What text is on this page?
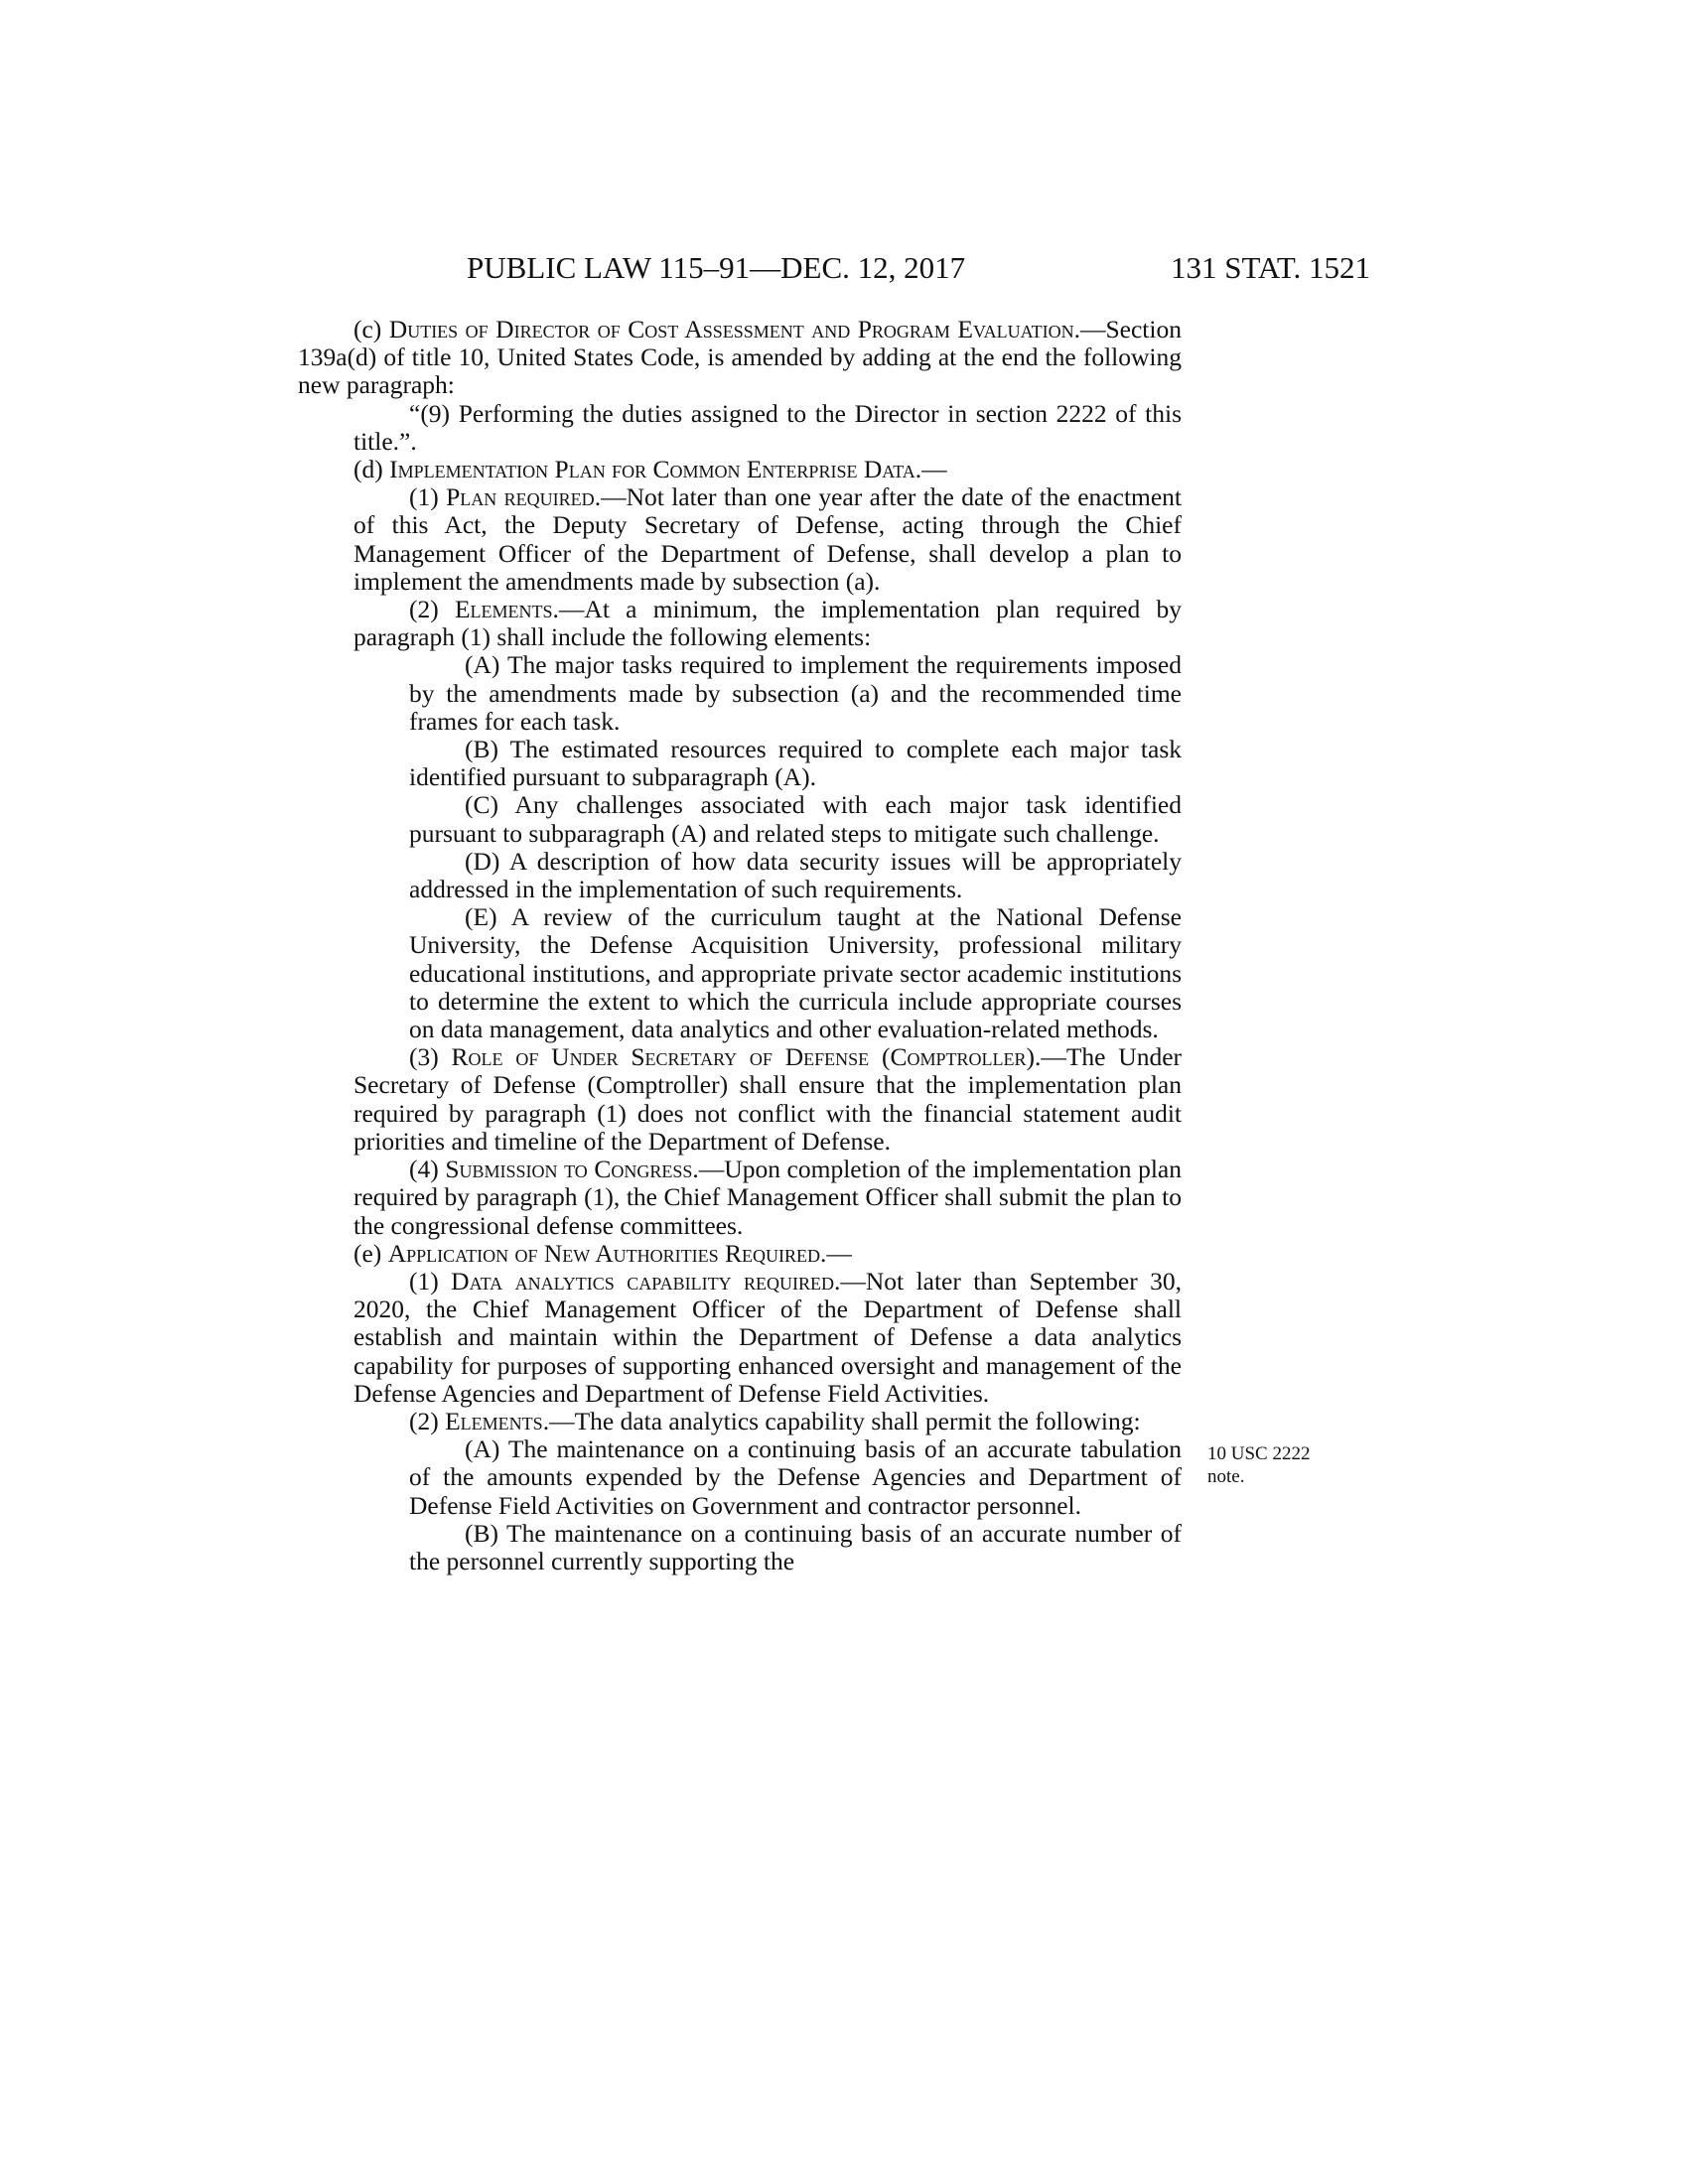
PUBLIC LAW 115–91—DEC. 12, 2017	131 STAT. 1521

(c) Duties of Director of Cost Assessment and Program Evaluation.—Section 139a(d) of title 10, United States Code, is amended by adding at the end the following new paragraph:

“(9) Performing the duties assigned to the Director in section 2222 of this title.”.

(d) Implementation Plan for Common Enterprise Data.—

(1) Plan required.—Not later than one year after the date of the enactment of this Act, the Deputy Secretary of Defense, acting through the Chief Management Officer of the Department of Defense, shall develop a plan to implement the amendments made by subsection (a).

(2) Elements.—At a minimum, the implementation plan required by paragraph (1) shall include the following elements:

(A) The major tasks required to implement the requirements imposed by the amendments made by subsection (a) and the recommended time frames for each task.

(B) The estimated resources required to complete each major task identified pursuant to subparagraph (A).

(C) Any challenges associated with each major task identified pursuant to subparagraph (A) and related steps to mitigate such challenge.

(D) A description of how data security issues will be appropriately addressed in the implementation of such requirements.

(E) A review of the curriculum taught at the National Defense University, the Defense Acquisition University, professional military educational institutions, and appropriate private sector academic institutions to determine the extent to which the curricula include appropriate courses on data management, data analytics and other evaluation-related methods.

(3) Role of Under Secretary of Defense (Comptroller).—The Under Secretary of Defense (Comptroller) shall ensure that the implementation plan required by paragraph (1) does not conflict with the financial statement audit priorities and timeline of the Department of Defense.

(4) Submission to Congress.—Upon completion of the implementation plan required by paragraph (1), the Chief Management Officer shall submit the plan to the congressional defense committees.

(e) Application of New Authorities Required.—

(1) Data analytics capability required.—Not later than September 30, 2020, the Chief Management Officer of the Department of Defense shall establish and maintain within the Department of Defense a data analytics capability for purposes of supporting enhanced oversight and management of the Defense Agencies and Department of Defense Field Activities.

(2) Elements.—The data analytics capability shall permit the following:

(A) The maintenance on a continuing basis of an accurate tabulation of the amounts expended by the Defense Agencies and Department of Defense Field Activities on Government and contractor personnel.

(B) The maintenance on a continuing basis of an accurate number of the personnel currently supporting the

10 USC 2222
note.
